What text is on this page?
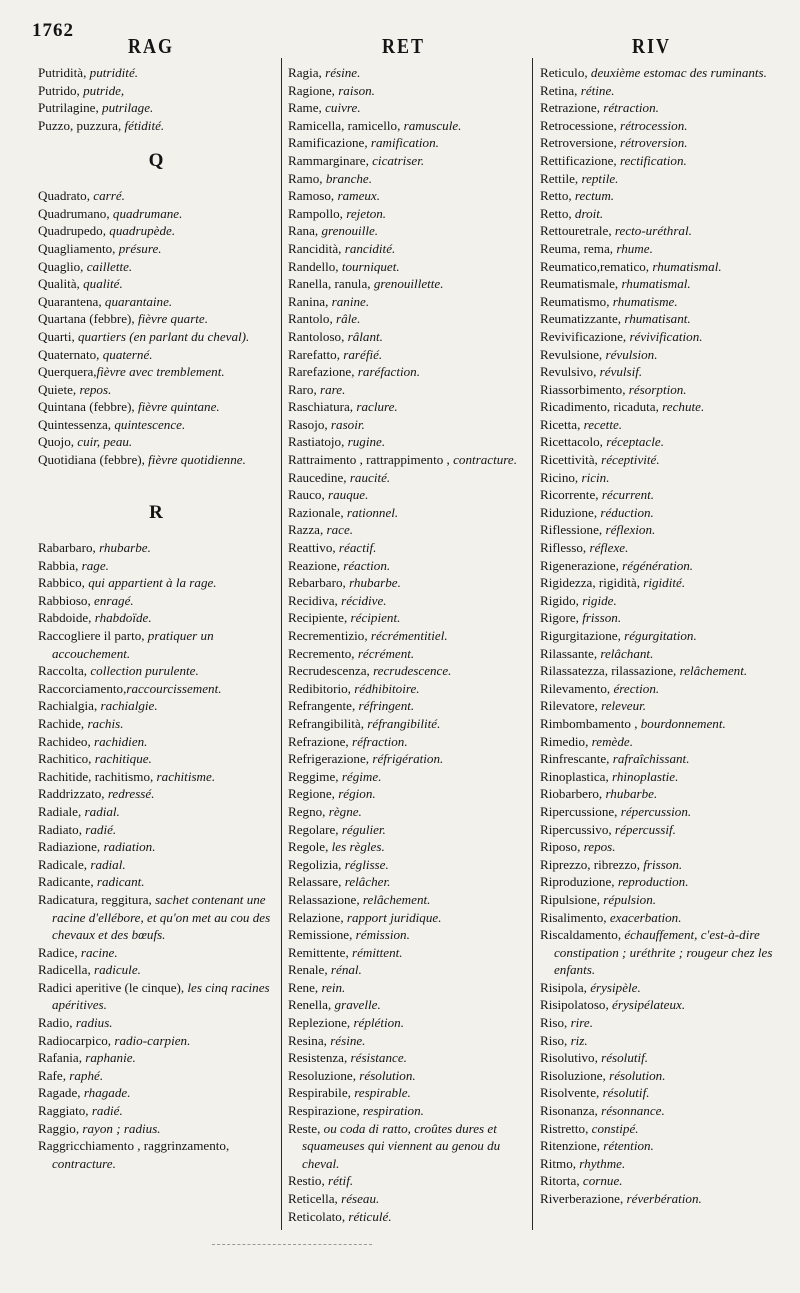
1762
RAG	RET	RIV

Putridità, putridité.

Putrido, putride,

Putrilagine, putrilage.

Puzzo, puzzura, fétidité.

Q

Quadrato, carré.

Quadrumano, quadrumane.

Quadrupedo, quadrupède.

Quagliamento, présure.

Quaglio, caillette.

Qualità, qualité.

Quarantena, quarantaine.

Quartana (febbre), fièvre quarte.

Quarti, quartiers (en parlant du cheval).

Quaternato, quaterné.

Querquera,fièvre avec tremblement.

Quiete, repos.

Quintana (febbre), fièvre quintane.

Quintessenza, quintescence.

Quojo, cuir, peau.

Quotidiana (febbre), fièvre quotidienne.

R

Rabarbaro, rhubarbe.

Rabbia, rage.

Rabbico, qui appartient à la rage.

Rabbioso, enragé.

Rabdoide, rhabdoïde.

Raccogliere il parto, pratiquer un accouchement.

Raccolta, collection purulente.

Raccorciamento,raccourcissement.

Rachialgia, rachialgie.

Rachide, rachis.

Rachideo, rachidien.

Rachitico, rachitique.

Rachitide, rachitismo, rachitisme.

Raddrizzato, redressé.

Radiale, radial.

Radiato, radié.

Radiazione, radiation.

Radicale, radial.

Radicante, radicant.

Radicatura, reggitura, sachet contenant une racine d'ellébore, et qu'on met au cou des chevaux et des bœufs.

Radice, racine.

Radicella, radicule.

Radici aperitive (le cinque), les cinq racines apéritives.

Radio, radius.

Radiocarpico, radio-carpien.

Rafania, raphanie.

Rafe, raphé.

Ragade, rhagade.

Raggiato, radié.

Raggio, rayon ; radius.

Raggricchiamento , raggrinzamento, contracture.

Ragia, résine.

Ragione, raison.

Rame, cuivre.

Ramicella, ramicello, ramuscule.

Ramificazione, ramification.

Rammarginare, cicatriser.

Ramo, branche.

Ramoso, rameux.

Rampollo, rejeton.

Rana, grenouille.

Rancidità, rancidité.

Randello, tourniquet.

Ranella, ranula, grenouillette.

Ranina, ranine.

Rantolo, râle.

Rantoloso, râlant.

Rarefatto, raréfié.

Rarefazione, raréfaction.

Raro, rare.

Raschiatura, raclure.

Rasojo, rasoir.

Rastiatojo, rugine.

Rattraimento , rattrappimento , contracture.

Raucedine, raucité.

Rauco, rauque.

Razionale, rationnel.

Razza, race.

Reattivo, réactif.

Reazione, réaction.

Rebarbaro, rhubarbe.

Recidiva, récidive.

Recipiente, récipient.

Recrementizio, récrémentitiel.

Recremento, récrément.

Recrudescenza, recrudescence.

Redibitorio, rédhibitoire.

Refrangente, réfringent.

Refrangibilità, réfrangibilité.

Refrazione, réfraction.

Refrigerazione, réfrigération.

Reggime, régime.

Regione, région.

Regno, règne.

Regolare, régulier.

Regole, les règles.

Regolizia, réglisse.

Relassare, relâcher.

Relassazione, relâchement.

Relazione, rapport juridique.

Remissione, rémission.

Remittente, rémittent.

Renale, rénal.

Rene, rein.

Renella, gravelle.

Replezione, réplétion.

Resina, résine.

Resistenza, résistance.

Resoluzione, résolution.

Respirabile, respirable.

Respirazione, respiration.

Reste, ou coda di ratto, croûtes dures et squameuses qui viennent au genou du cheval.

Restio, rétif.

Reticella, réseau.

Reticolato, réticulé.

Reticulo, deuxième estomac des ruminants.

Retina, rétine.

Retrazione, rétraction.

Retrocessione, rétrocession.

Retroversione, rétroversion.

Rettificazione, rectification.

Rettile, reptile.

Retto, rectum.

Retto, droit.

Rettouretrale, recto-uréthral.

Reuma, rema, rhume.

Reumatico,rematico, rhumatismal.

Reumatismale, rhumatismal.

Reumatismo, rhumatisme.

Reumatizzante, rhumatisant.

Revivificazione, révivification.

Revulsione, révulsion.

Revulsivo, révulsif.

Riassorbimento, résorption.

Ricadimento, ricaduta, rechute.

Ricetta, recette.

Ricettacolo, réceptacle.

Ricettività, réceptivité.

Ricino, ricin.

Ricorrente, récurrent.

Riduzione, réduction.

Riflessione, réflexion.

Riflesso, réflexe.

Rigenerazione, régénération.

Rigidezza, rigidità, rigidité.

Rigido, rigide.

Rigore, frisson.

Rigurgitazione, régurgitation.

Rilassante, relâchant.

Rilassatezza, rilassazione, relâchement.

Rilevamento, érection.

Rilevatore, releveur.

Rimbombamento , bourdonnement.

Rimedio, remède.

Rinfrescante, rafraîchissant.

Rinoplastica, rhinoplastie.

Riobarbero, rhubarbe.

Ripercussione, répercussion.

Ripercussivo, répercussif.

Riposo, repos.

Riprezzo, ribrezzo, frisson.

Riproduzione, reproduction.

Ripulsione, répulsion.

Risalimento, exacerbation.

Riscaldamento, échauffement, c'est-à-dire constipation ; uréthrite ; rougeur chez les enfants.

Risipola, érysipèle.

Risipolatoso, érysipélateux.

Riso, rire.

Riso, riz.

Risolutivo, résolutif.

Risoluzione, résolution.

Risolvente, résolutif.

Risonanza, résonnance.

Ristretto, constipé.

Ritenzione, rétention.

Ritmo, rhythme.

Ritorta, cornue.

Riverberazione, réverbération.
